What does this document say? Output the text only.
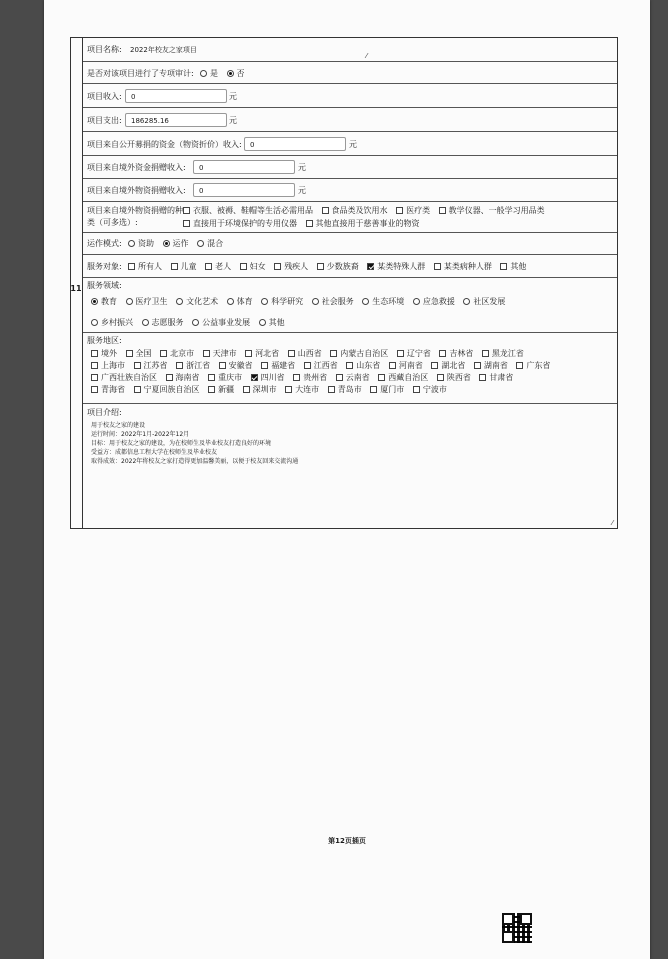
11
项目名称: 2022年校友之家项目
⁄
是否对该项目进行了专项审计: 是
否
项目收入:	0	元
项目支出:	186285.16	元
项目来自公开募捐的资金（物资折价）收入:	0	元
项目来自境外资金捐赠收入:	0	元
项目来自境外物资捐赠收入:	0	元
项目来自境外物资捐赠的种
类（可多选）:
衣服、被褥、鞋帽等生活必需用品
食品类及饮用水
医疗类
教学仪器、一般学习用品类
直接用于环境保护的专用仪器
其他直接用于慈善事业的物资
运作模式: 资助
运作
混合
服务对象: 所有人
儿童
老人
妇女
残疾人
少数族裔
某类特殊人群
某类病种人群
其他
服务领域:
教育
医疗卫生
文化艺术
体育
科学研究
社会服务
生态环境
应急救援
社区发展
乡村振兴
志愿服务
公益事业发展
其他
服务地区:
境外
全国
北京市
天津市
河北省
山西省
内蒙古自治区
辽宁省
吉林省
黑龙江省
上海市
江苏省
浙江省
安徽省
福建省
江西省
山东省
河南省
湖北省
湖南省
广东省
广西壮族自治区
海南省
重庆市
四川省
贵州省
云南省
西藏自治区
陕西省
甘肃省
青海省
宁夏回族自治区
新疆
深圳市
大连市
青岛市
厦门市
宁波市
项目介绍:

用于校友之家的建设

运行时间：2022年1月-2022年12月

目标：用于校友之家的建设，为在校师生及毕业校友打造良好的环境

受益方：成都信息工程大学在校师生及毕业校友

取得成效：2022年将校友之家打造得更加温馨美丽，以便于校友回来交流沟通

⁄
第12页插页
